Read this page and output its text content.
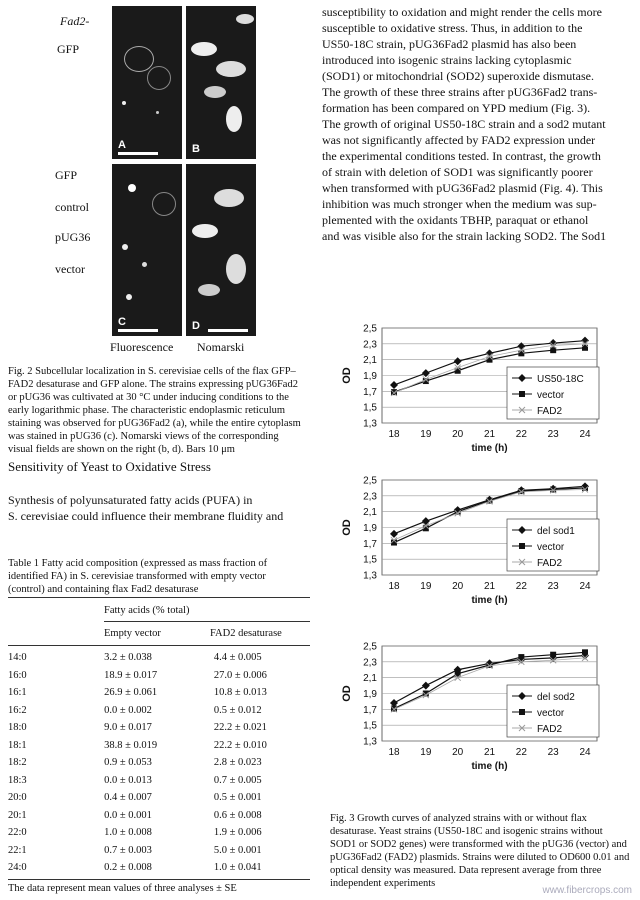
Fad2-
GFP
GFP
control
pUG36
vector
A	B
C	D
Fluorescence Nomarski
Fig. 2 Subcellular localization in S. cerevisiae cells of the flax GFP–
FAD2 desaturase and GFP alone. The strains expressing pUG36Fad2
or pUG36 was cultivated at 30 °C under inducing conditions to the
early logarithmic phase. The characteristic endoplasmic reticulum
staining was observed for pUG36Fad2 (a), while the entire cytoplasm
was stained in pUG36 (c). Nomarski views of the corresponding
visual fields are shown on the right (b, d). Bars 10 μm
Sensitivity of Yeast to Oxidative Stress
Synthesis of polyunsaturated fatty acids (PUFA) in
S. cerevisiae could influence their membrane fluidity and
Table 1 Fatty acid composition (expressed as mass fraction of
identified FA) in S. cerevisiae transformed with empty vector
(control) and containing flax Fad2 desaturase
Fatty acids (% total)
Empty vector	FAD2 desaturase
14:0	3.2 ± 0.038	4.4 ± 0.005
16:0	18.9 ± 0.017	27.0 ± 0.006
16:1	26.9 ± 0.061	10.8 ± 0.013
16:2	0.0 ± 0.002	0.5 ± 0.012
18:0	9.0 ± 0.017	22.2 ± 0.021
18:1	38.8 ± 0.019	22.2 ± 0.010
18:2	0.9 ± 0.053	2.8 ± 0.023
18:3	0.0 ± 0.013	0.7 ± 0.005
20:0	0.4 ± 0.007	0.5 ± 0.001
20:1	0.0 ± 0.001	0.6 ± 0.008
22:0	1.0 ± 0.008	1.9 ± 0.006
22:1	0.7 ± 0.003	5.0 ± 0.001
24:0	0.2 ± 0.008	1.0 ± 0.041
The data represent mean values of three analyses ± SE
susceptibility to oxidation and might render the cells more
susceptible to oxidative stress. Thus, in addition to the
US50-18C strain, pUG36Fad2 plasmid has also been
introduced into isogenic strains lacking cytoplasmic
(SOD1) or mitochondrial (SOD2) superoxide dismutase.
The growth of these three strains after pUG36Fad2 trans-
formation has been compared on YPD medium (Fig. 3).
The growth of original US50-18C strain and a sod2 mutant
was not significantly affected by FAD2 expression under
the experimental conditions tested. In contrast, the growth
of strain with deletion of SOD1 was significantly poorer
when transformed with pUG36Fad2 plasmid (Fig. 4). This
inhibition was much stronger when the medium was sup-
plemented with the oxidants TBHP, paraquat or ethanol
and was visible also for the strain lacking SOD2. The Sod1
1,3
1,5
1,7
1,9
2,1
2,3
2,5
18 19 20 21 22 23 24
time (h)
OD	US50-18C
vector
FAD2
1,3
1,5
1,7
1,9
2,1
2,3
2,5
18 19 20 21 22 23 24
time (h)
OD	del sod1
vector
FAD2
1,3
1,5
1,7
1,9
2,1
2,3
2,5
18 19 20 21 22 23 24
time (h)
OD	del sod2
vector
FAD2
Fig. 3 Growth curves of analyzed strains with or without flax
desaturase. Yeast strains (US50-18C and isogenic strains without
SOD1 or SOD2 genes) were transformed with the pUG36 (vector) and
pUG36Fad2 (FAD2) plasmids. Strains were diluted to OD600 0.01 and
optical density was measured. Data represent average from three
independent experiments
www.fibercrops.com
